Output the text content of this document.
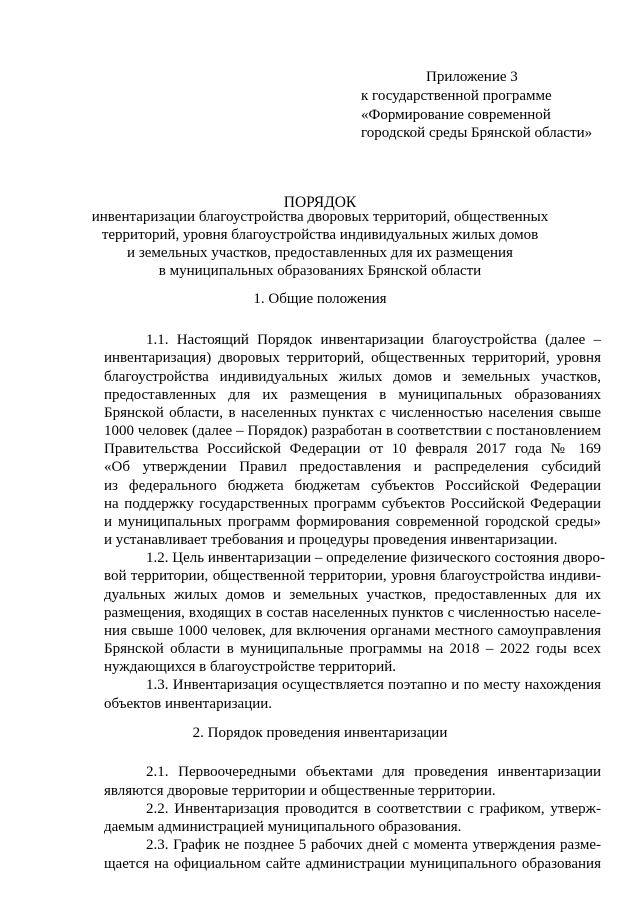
Приложение 3
к государственной программе
«Формирование современной
городской среды Брянской области»
ПОРЯДОК
инвентаризации благоустройства дворовых территорий, общественных
территорий, уровня благоустройства индивидуальных жилых домов
и земельных участков, предоставленных для их размещения
в муниципальных образованиях Брянской области
1. Общие положения
1.1. Настоящий Порядок инвентаризации благоустройства (далее –
инвентаризация) дворовых территорий, общественных территорий, уровня
благоустройства индивидуальных жилых домов и земельных участков,
предоставленных для их размещения в муниципальных образованиях
Брянской области, в населенных пунктах с численностью населения свыше
1000 человек (далее – Порядок) разработан в соответствии с постановлением
Правительства Российской Федерации от 10 февраля 2017 года № 169
«Об утверждении Правил предоставления и распределения субсидий
из федерального бюджета бюджетам субъектов Российской Федерации
на поддержку государственных программ субъектов Российской Федерации
и муниципальных программ формирования современной городской среды»
и устанавливает требования и процедуры проведения инвентаризации.
1.2. Цель инвентаризации – определение физического состояния дворо-
вой территории, общественной территории, уровня благоустройства индиви-
дуальных жилых домов и земельных участков, предоставленных для их
размещения, входящих в состав населенных пунктов с численностью населе-
ния свыше 1000 человек, для включения органами местного самоуправления
Брянской области в муниципальные программы на 2018 – 2022 годы всех
нуждающихся в благоустройстве территорий.
1.3. Инвентаризация осуществляется поэтапно и по месту нахождения
объектов инвентаризации.
2. Порядок проведения инвентаризации
2.1. Первоочередными объектами для проведения инвентаризации
являются дворовые территории и общественные территории.
2.2. Инвентаризация проводится в соответствии с графиком, утверж-
даемым администрацией муниципального образования.
2.3. График не позднее 5 рабочих дней с момента утверждения разме-
щается на официальном сайте администрации муниципального образования
